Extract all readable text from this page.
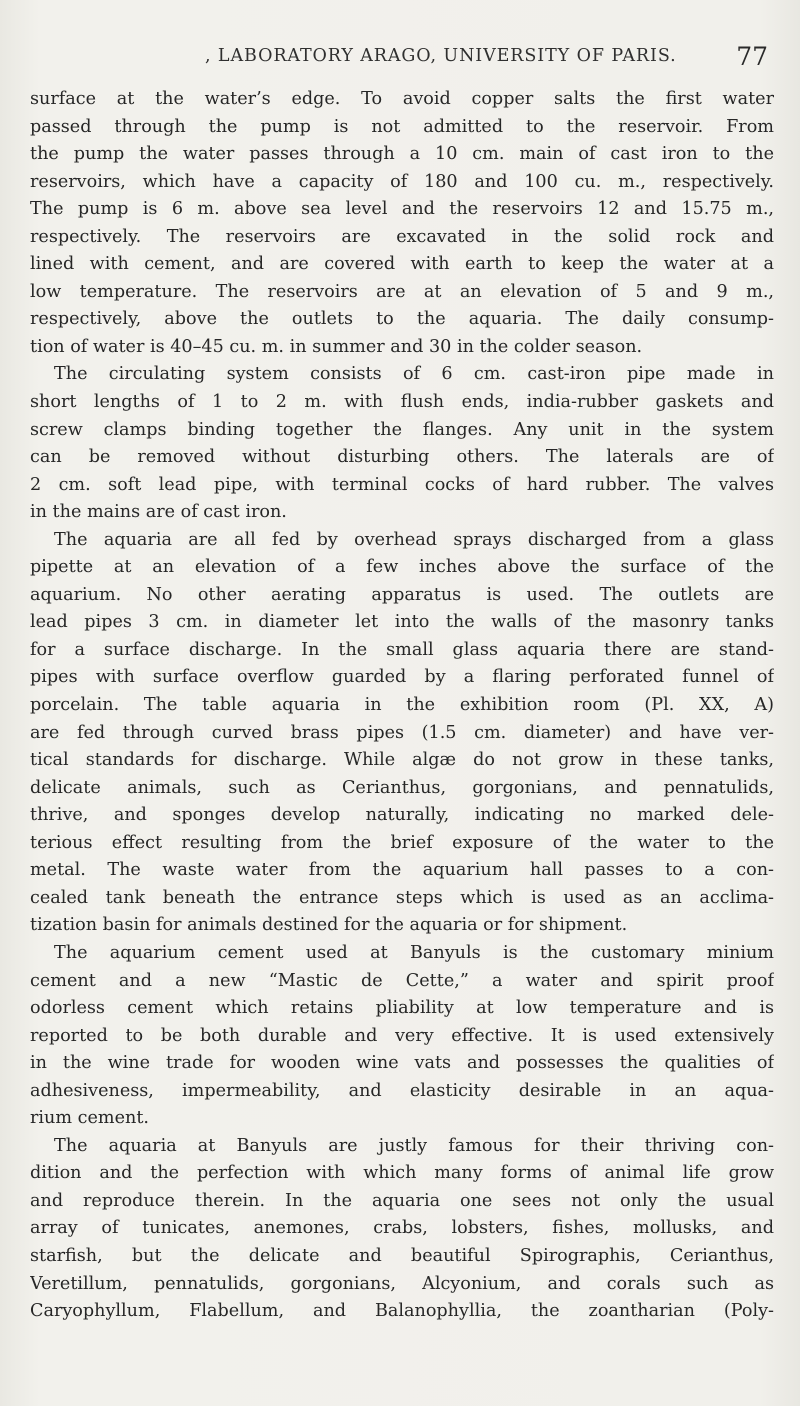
, LABORATORY ARAGO, UNIVERSITY OF PARIS. 77
surface at the water’s edge. To avoid copper salts the first water
passed through the pump is not admitted to the reservoir. From
the pump the water passes through a 10 cm. main of cast iron to the
reservoirs, which have a capacity of 180 and 100 cu. m., respectively.
The pump is 6 m. above sea level and the reservoirs 12 and 15.75 m.,
respectively. The reservoirs are excavated in the solid rock and
lined with cement, and are covered with earth to keep the water at a
low temperature. The reservoirs are at an elevation of 5 and 9 m.,
respectively, above the outlets to the aquaria. The daily consump-
tion of water is 40–45 cu. m. in summer and 30 in the colder season.
The circulating system consists of 6 cm. cast-iron pipe made in
short lengths of 1 to 2 m. with flush ends, india-rubber gaskets and
screw clamps binding together the flanges. Any unit in the system
can be removed without disturbing others. The laterals are of
2 cm. soft lead pipe, with terminal cocks of hard rubber. The valves
in the mains are of cast iron.
The aquaria are all fed by overhead sprays discharged from a glass
pipette at an elevation of a few inches above the surface of the
aquarium. No other aerating apparatus is used. The outlets are
lead pipes 3 cm. in diameter let into the walls of the masonry tanks
for a surface discharge. In the small glass aquaria there are stand-
pipes with surface overflow guarded by a flaring perforated funnel of
porcelain. The table aquaria in the exhibition room (Pl. XX, A)
are fed through curved brass pipes (1.5 cm. diameter) and have ver-
tical standards for discharge. While algæ do not grow in these tanks,
delicate animals, such as Cerianthus, gorgonians, and pennatulids,
thrive, and sponges develop naturally, indicating no marked dele-
terious effect resulting from the brief exposure of the water to the
metal. The waste water from the aquarium hall passes to a con-
cealed tank beneath the entrance steps which is used as an acclima-
tization basin for animals destined for the aquaria or for shipment.
The aquarium cement used at Banyuls is the customary minium
cement and a new “Mastic de Cette,” a water and spirit proof
odorless cement which retains pliability at low temperature and is
reported to be both durable and very effective. It is used extensively
in the wine trade for wooden wine vats and possesses the qualities of
adhesiveness, impermeability, and elasticity desirable in an aqua-
rium cement.
The aquaria at Banyuls are justly famous for their thriving con-
dition and the perfection with which many forms of animal life grow
and reproduce therein. In the aquaria one sees not only the usual
array of tunicates, anemones, crabs, lobsters, fishes, mollusks, and
starfish, but the delicate and beautiful Spirographis, Cerianthus,
Veretillum, pennatulids, gorgonians, Alcyonium, and corals such as
Caryophyllum, Flabellum, and Balanophyllia, the zoantharian (Poly-
